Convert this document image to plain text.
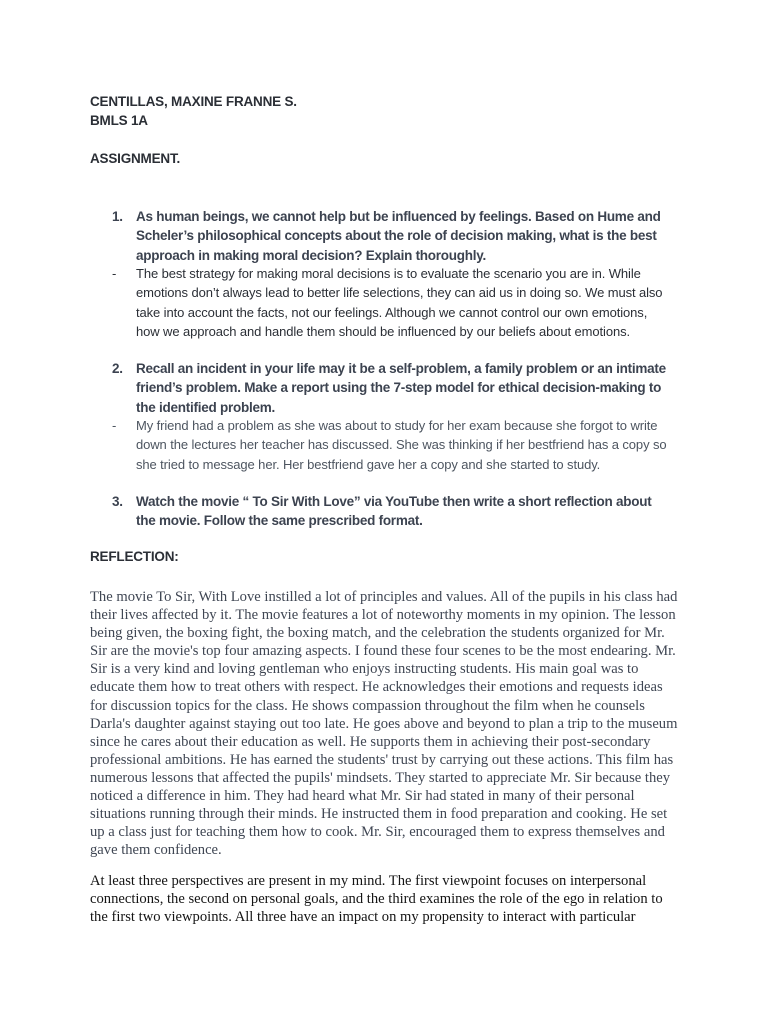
CENTILLAS, MAXINE FRANNE S.
BMLS 1A
ASSIGNMENT.
1. As human beings, we cannot help but be influenced by feelings. Based on Hume and Scheler’s philosophical concepts about the role of decision making, what is the best approach in making moral decision? Explain thoroughly.
- The best strategy for making moral decisions is to evaluate the scenario you are in. While emotions don’t always lead to better life selections, they can aid us in doing so. We must also take into account the facts, not our feelings. Although we cannot control our own emotions, how we approach and handle them should be influenced by our beliefs about emotions.
2. Recall an incident in your life may it be a self-problem, a family problem or an intimate friend’s problem. Make a report using the 7-step model for ethical decision-making to the identified problem.
- My friend had a problem as she was about to study for her exam because she forgot to write down the lectures her teacher has discussed. She was thinking if her bestfriend has a copy so she tried to message her. Her bestfriend gave her a copy and she started to study.
3. Watch the movie “ To Sir With Love” via YouTube then write a short reflection about the movie. Follow the same prescribed format.
REFLECTION:
The movie To Sir, With Love instilled a lot of principles and values. All of the pupils in his class had their lives affected by it. The movie features a lot of noteworthy moments in my opinion. The lesson being given, the boxing fight, the boxing match, and the celebration the students organized for Mr. Sir are the movie's top four amazing aspects. I found these four scenes to be the most endearing. Mr. Sir is a very kind and loving gentleman who enjoys instructing students. His main goal was to educate them how to treat others with respect. He acknowledges their emotions and requests ideas for discussion topics for the class. He shows compassion throughout the film when he counsels Darla's daughter against staying out too late. He goes above and beyond to plan a trip to the museum since he cares about their education as well. He supports them in achieving their post-secondary professional ambitions. He has earned the students' trust by carrying out these actions. This film has numerous lessons that affected the pupils' mindsets. They started to appreciate Mr. Sir because they noticed a difference in him. They had heard what Mr. Sir had stated in many of their personal situations running through their minds. He instructed them in food preparation and cooking. He set up a class just for teaching them how to cook. Mr. Sir, encouraged them to express themselves and gave them confidence.
At least three perspectives are present in my mind. The first viewpoint focuses on interpersonal connections, the second on personal goals, and the third examines the role of the ego in relation to the first two viewpoints. All three have an impact on my propensity to interact with particular
